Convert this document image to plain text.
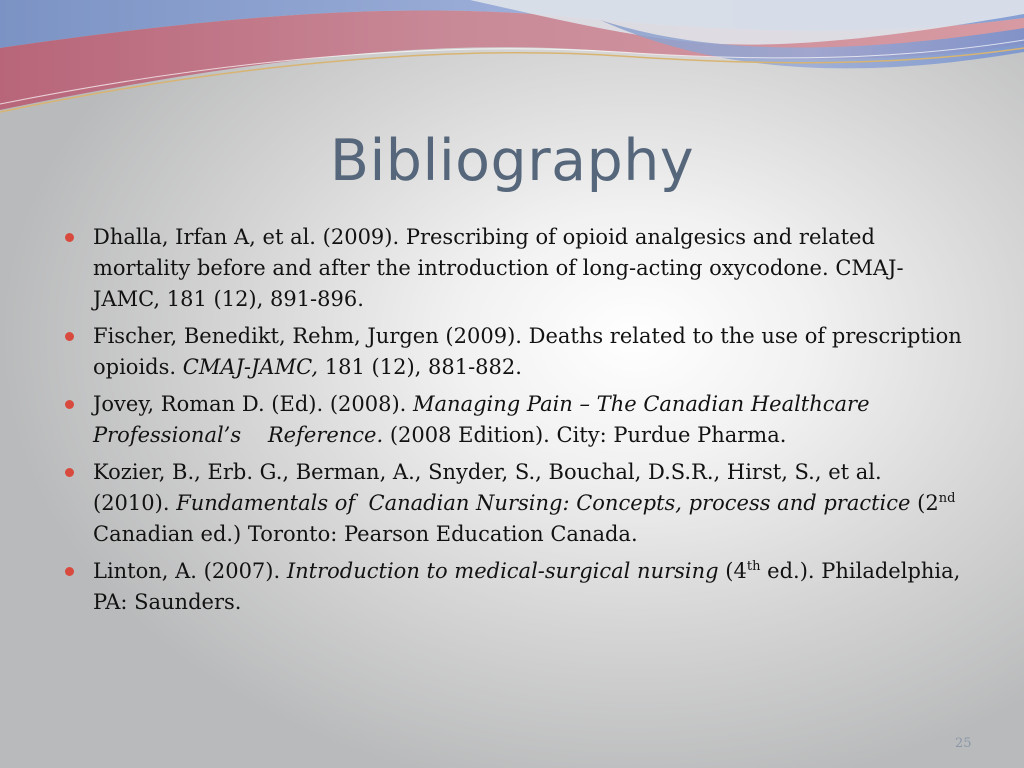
Bibliography
Dhalla, Irfan A, et al. (2009). Prescribing of opioid analgesics and related mortality before and after the introduction of long-acting oxycodone. CMAJ-JAMC, 181 (12), 891-896.
Fischer, Benedikt, Rehm, Jurgen (2009). Deaths related to the use of prescription opioids. CMAJ-JAMC, 181 (12), 881-882.
Jovey, Roman D. (Ed). (2008). Managing Pain – The Canadian Healthcare Professional’s    Reference. (2008 Edition). City: Purdue Pharma.
Kozier, B., Erb. G., Berman, A., Snyder, S., Bouchal, D.S.R., Hirst, S., et al. (2010). Fundamentals of  Canadian Nursing: Concepts, process and practice (2nd Canadian ed.) Toronto: Pearson Education Canada.
Linton, A. (2007). Introduction to medical-surgical nursing (4th ed.). Philadelphia, PA: Saunders.
25
